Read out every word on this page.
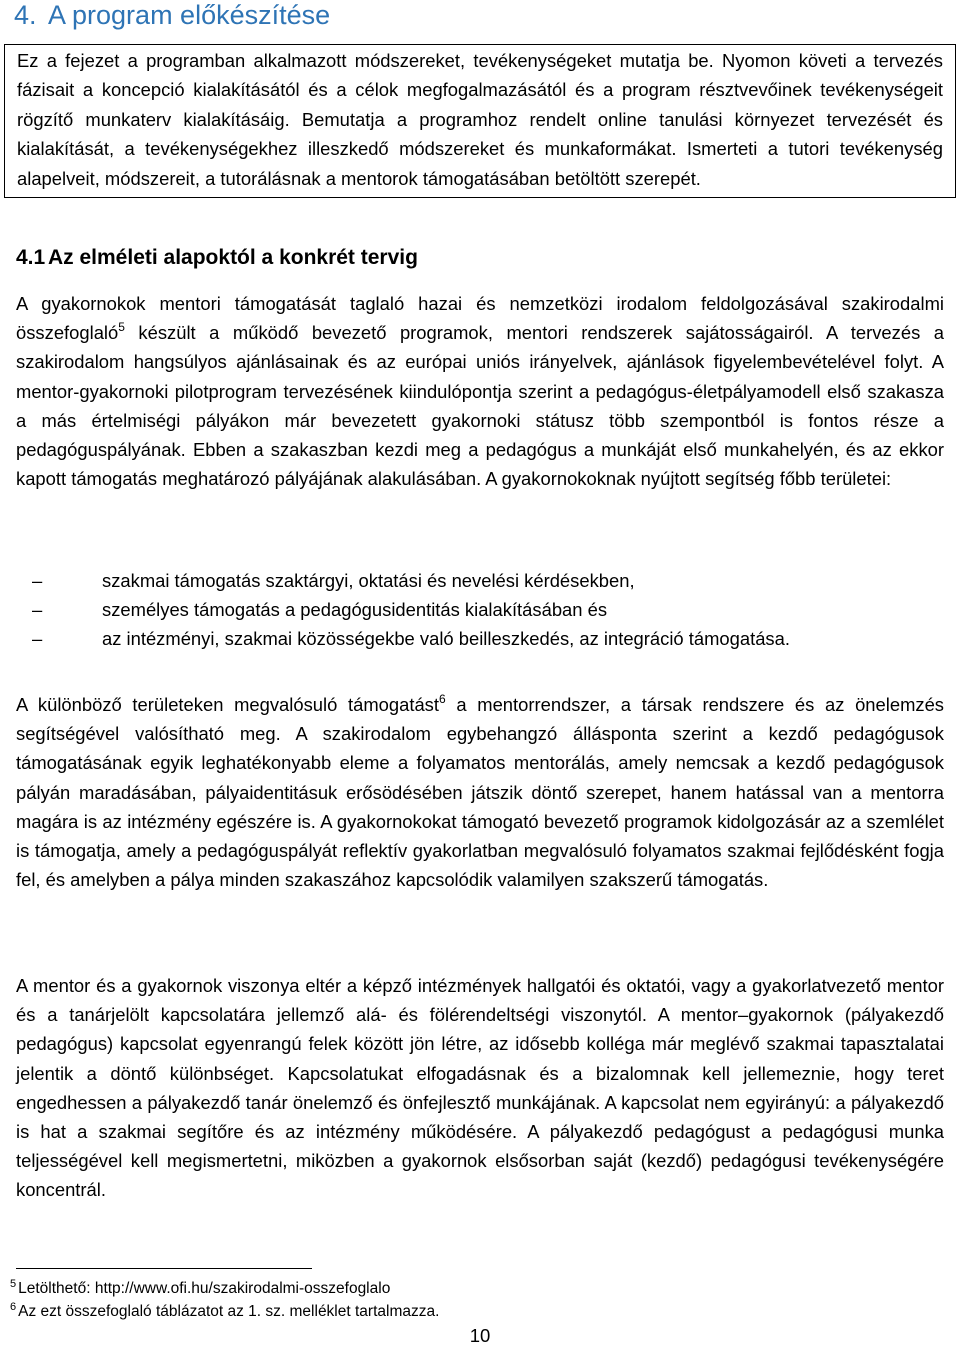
4. A program előkészítése
Ez a fejezet a programban alkalmazott módszereket, tevékenységeket mutatja be. Nyomon követi a tervezés fázisait a koncepció kialakításától és a célok megfogalmazásától és a program résztvevőinek tevékenységeit rögzítő munkaterv kialakításáig. Bemutatja a programhoz rendelt online tanulási környezet tervezését és kialakítását, a tevékenységekhez illeszkedő módszereket és munkaformákat. Ismerteti a tutori tevékenység alapelveit, módszereit, a tutorálásnak a mentorok támogatásában betöltött szerepét.
4.1 Az elméleti alapoktól a konkrét tervig

A gyakornokok mentori támogatását taglaló hazai és nemzetközi irodalom feldolgozásával szakirodalmi összefoglaló$^5$ készült a működő bevezető programok, mentori rendszerek sajátosságairól. A tervezés a szakirodalom hangsúlyos ajánlásainak és az európai uniós irányelvek, ajánlások figyelembevételével folyt. A mentor-gyakornoki pilotprogram tervezésének kiindulópontja szerint a pedagógus-életpályamodell első szakasza a más értelmiségi pályákon már bevezetett gyakornoki státusz több szempontból is fontos része a pedagóguspályának. Ebben a szakaszban kezdi meg a pedagógus a munkáját első munkahelyén, és az ekkor kapott támogatás meghatározó pályájának alakulásában. A gyakornokoknak nyújtott segítség főbb területei:

–	szakmai támogatás szaktárgyi, oktatási és nevelési kérdésekben,
–	személyes támogatás a pedagógusidentitás kialakításában és
–	az intézményi, szakmai közösségekbe való beilleszkedés, az integráció támogatása.

A különböző területeken megvalósuló támogatást$^6$ a mentorrendszer, a társak rendszere és az önelemzés segítségével valósítható meg. A szakirodalom egybehangzó állásponta szerint a kezdő pedagógusok támogatásának egyik leghatékonyabb eleme a folyamatos mentorálás, amely nemcsak a kezdő pedagógusok pályán maradásában, pályaidentitásuk erősödésében játszik döntő szerepet, hanem hatással van a mentorra magára is az intézmény egészére is. A gyakornokokat támogató bevezető programok kidolgozásár az a szemlélet is támogatja, amely a pedagóguspályát reflektív gyakorlatban megvalósuló folyamatos szakmai fejlődésként fogja fel, és amelyben a pálya minden szakaszához kapcsolódik valamilyen szakszerű támogatás.

A mentor és a gyakornok viszonya eltér a képző intézmények hallgatói és oktatói, vagy a gyakorlatvezető mentor és a tanárjelölt kapcsolatára jellemző alá- és fölérendeltségi viszonytól. A mentor–gyakornok (pályakezdő pedagógus) kapcsolat egyenrangú felek között jön létre, az idősebb kolléga már meglévő szakmai tapasztalatai jelentik a döntő különbséget. Kapcsolatukat elfogadásnak és a bizalomnak kell jellemeznie, hogy teret engedhessen a pályakezdő tanár önelemző és önfejlesztő munkájának. A kapcsolat nem egyirányú: a pályakezdő is hat a szakmai segítőre és az intézmény működésére. A pályakezdő pedagógust a pedagógusi munka teljességével kell megismertetni, miközben a gyakornok elsősorban saját (kezdő) pedagógusi tevékenységére koncentrál.

$^5$ Letölthető: http://www.ofi.hu/szakirodalmi-osszefoglalo

$^6$ Az ezt összefoglaló táblázatot az 1. sz. melléklet tartalmazza.

10
